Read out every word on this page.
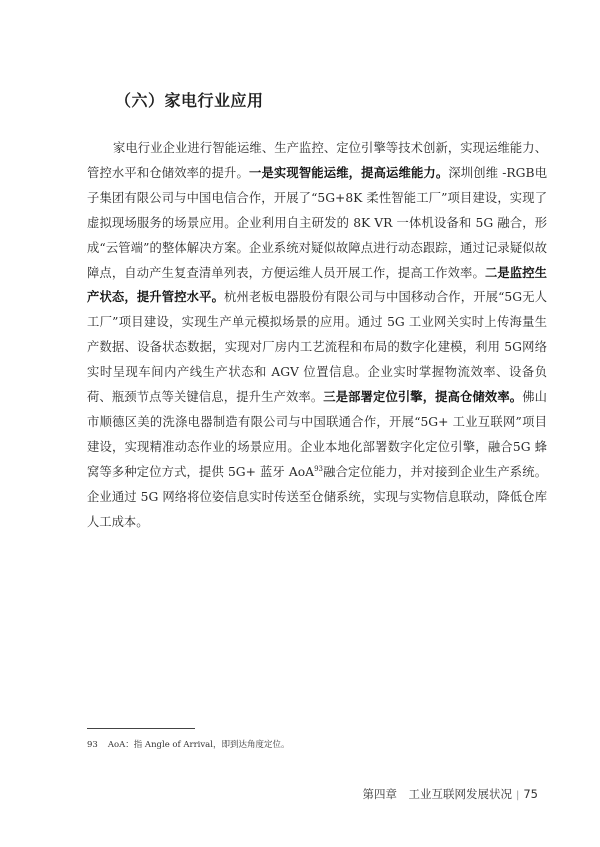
（六）家电行业应用

家电行业企业进行智能运维、生产监控、定位引擎等技术创新，实现运维能力、管控水平和仓储效率的提升。一是实现智能运维，提高运维能力。深圳创维 -RGB电子集团有限公司与中国电信合作，开展了“5G+8K 柔性智能工厂”项目建设，实现了虚拟现场服务的场景应用。企业利用自主研发的 8K VR 一体机设备和 5G 融合，形成“云管端”的整体解决方案。企业系统对疑似故障点进行动态跟踪，通过记录疑似故障点，自动产生复查清单列表，方便运维人员开展工作，提高工作效率。二是监控生产状态，提升管控水平。杭州老板电器股份有限公司与中国移动合作，开展“5G无人工厂”项目建设，实现生产单元模拟场景的应用。通过 5G 工业网关实时上传海量生产数据、设备状态数据，实现对厂房内工艺流程和布局的数字化建模，利用 5G网络实时呈现车间内产线生产状态和 AGV 位置信息。企业实时掌握物流效率、设备负荷、瓶颈节点等关键信息，提升生产效率。三是部署定位引擎，提高仓储效率。佛山市顺德区美的洗涤电器制造有限公司与中国联通合作，开展“5G+ 工业互联网”项目建设，实现精准动态作业的场景应用。企业本地化部署数字化定位引擎，融合5G 蜂窝等多种定位方式，提供 5G+ 蓝牙 AoA$^{93}$融合定位能力，并对接到企业生产系统。企业通过 5G 网络将位姿信息实时传送至仓储系统，实现与实物信息联动，降低仓库人工成本。

93 AoA：指 Angle of Arrival，即到达角度定位。
第四章　工业互联网发展状况 | 75
